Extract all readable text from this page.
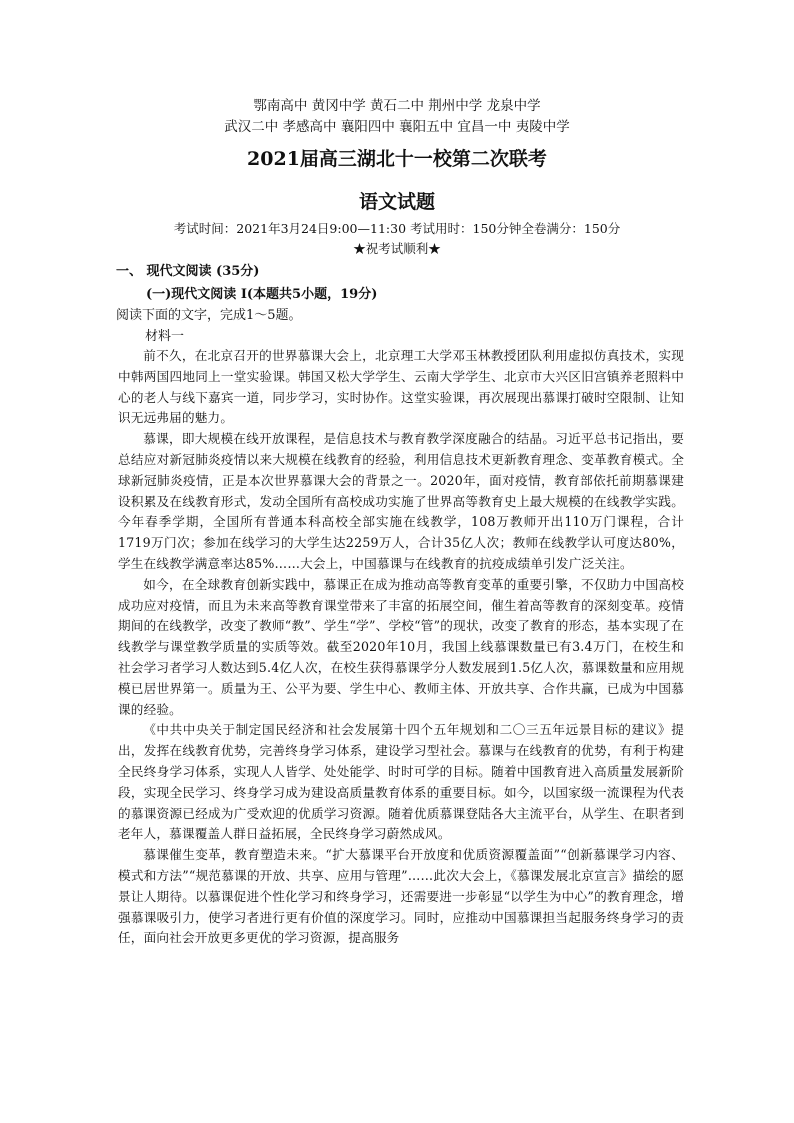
鄂南高中 黄冈中学 黄石二中 荆州中学 龙泉中学
武汉二中 孝感高中 襄阳四中 襄阳五中 宜昌一中 夷陵中学
2021届高三湖北十一校第二次联考
语文试题
考试时间：2021年3月24日9:00—11:30 考试用时：150分钟全卷满分：150分
★祝考试顺利★
一、 现代文阅读 (35分)
(一)现代文阅读 Ⅰ(本题共5小题，19分)
阅读下面的文字，完成1～5题。
材料一

前不久，在北京召开的世界慕课大会上，北京理工大学邓玉林教授团队利用虚拟仿真技术，实现中韩两国四地同上一堂实验课。韩国又松大学学生、云南大学学生、北京市大兴区旧宫镇养老照料中心的老人与线下嘉宾一道，同步学习，实时协作。这堂实验课，再次展现出慕课打破时空限制、让知识无远弗届的魅力。

慕课，即大规模在线开放课程，是信息技术与教育教学深度融合的结晶。习近平总书记指出，要总结应对新冠肺炎疫情以来大规模在线教育的经验，利用信息技术更新教育理念、变革教育模式。全球新冠肺炎疫情，正是本次世界慕课大会的背景之一。2020年，面对疫情，教育部依托前期慕课建设积累及在线教育形式，发动全国所有高校成功实施了世界高等教育史上最大规模的在线教学实践。今年春季学期，全国所有普通本科高校全部实施在线教学，108万教师开出110万门课程，合计1719万门次；参加在线学习的大学生达2259万人，合计35亿人次；教师在线教学认可度达80%，学生在线教学满意率达85%……大会上，中国慕课与在线教育的抗疫成绩单引发广泛关注。

如今，在全球教育创新实践中，慕课正在成为推动高等教育变革的重要引擎，不仅助力中国高校成功应对疫情，而且为未来高等教育课堂带来了丰富的拓展空间，催生着高等教育的深刻变革。疫情期间的在线教学，改变了教师“教”、学生“学”、学校“管”的现状，改变了教育的形态，基本实现了在线教学与课堂教学质量的实质等效。截至2020年10月，我国上线慕课数量已有3.4万门，在校生和社会学习者学习人数达到5.4亿人次，在校生获得慕课学分人数发展到1.5亿人次，慕课数量和应用规模已居世界第一。质量为王、公平为要、学生中心、教师主体、开放共享、合作共赢，已成为中国慕课的经验。

《中共中央关于制定国民经济和社会发展第十四个五年规划和二〇三五年远景目标的建议》提出，发挥在线教育优势，完善终身学习体系，建设学习型社会。慕课与在线教育的优势，有利于构建全民终身学习体系，实现人人皆学、处处能学、时时可学的目标。随着中国教育进入高质量发展新阶段，实现全民学习、终身学习成为建设高质量教育体系的重要目标。如今，以国家级一流课程为代表的慕课资源已经成为广受欢迎的优质学习资源。随着优质慕课登陆各大主流平台，从学生、在职者到老年人，慕课覆盖人群日益拓展，全民终身学习蔚然成风。

慕课催生变革，教育塑造未来。“扩大慕课平台开放度和优质资源覆盖面”“创新慕课学习内容、模式和方法”“规范慕课的开放、共享、应用与管理”……此次大会上，《慕课发展北京宣言》描绘的愿景让人期待。以慕课促进个性化学习和终身学习，还需要进一步彰显“以学生为中心”的教育理念，增强慕课吸引力，使学习者进行更有价值的深度学习。同时，应推动中国慕课担当起服务终身学习的责任，面向社会开放更多更优的学习资源，提高服务
